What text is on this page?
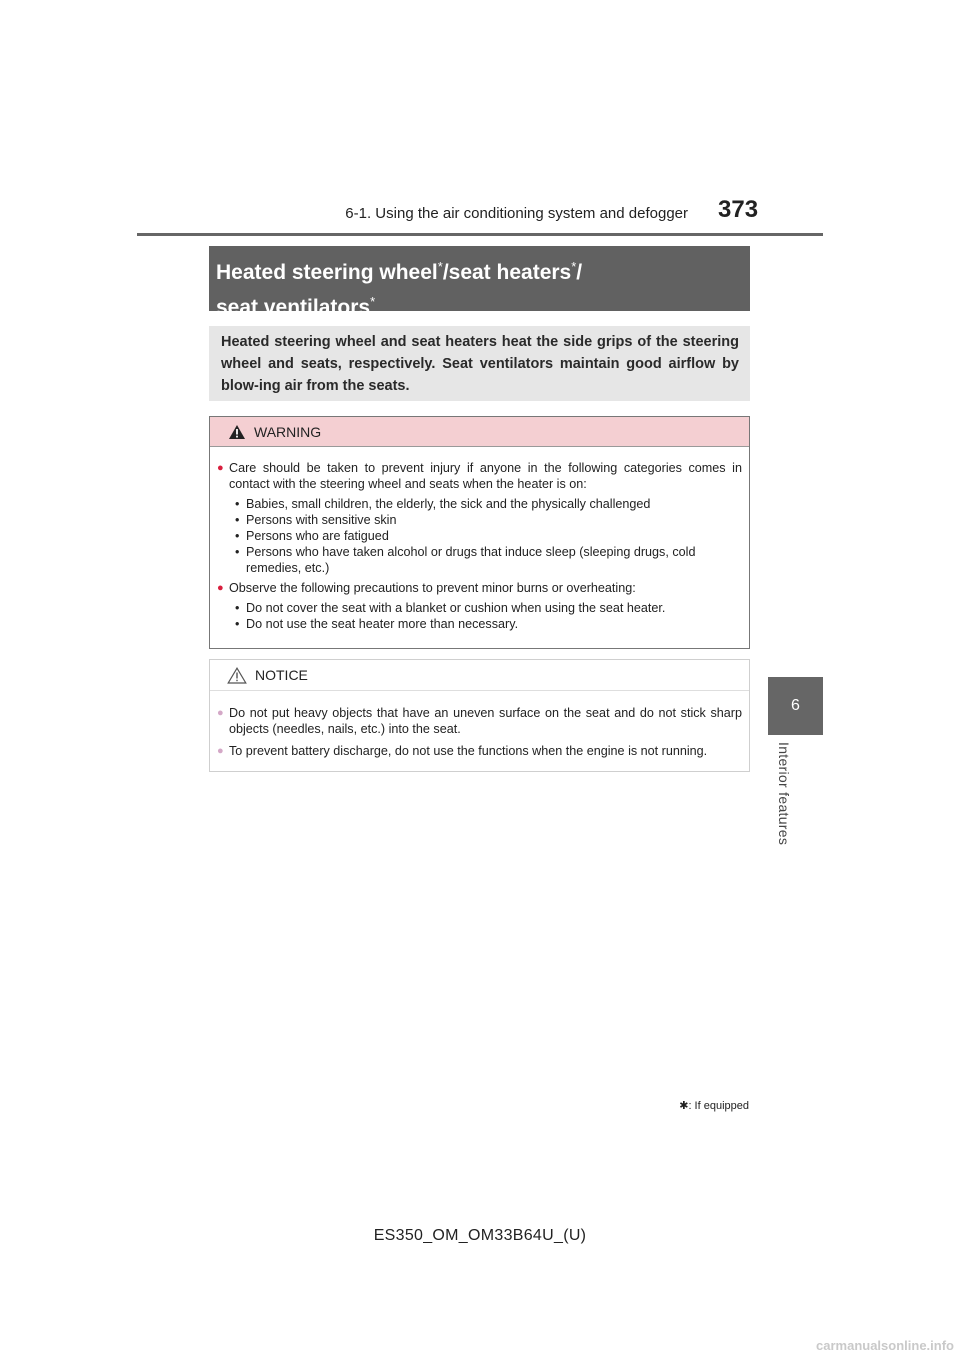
6-1. Using the air conditioning system and defogger 373
6
Interior features
Heated steering wheel*/seat heaters*/
seat ventilators*
Heated steering wheel and seat heaters heat the side grips of the steering wheel and seats, respectively. Seat ventilators maintain good airflow by blow-ing air from the seats.
WARNING
● Care should be taken to prevent injury if anyone in the following categories comes in contact with the steering wheel and seats when the heater is on:
• Babies, small children, the elderly, the sick and the physically challenged
• Persons with sensitive skin
• Persons who are fatigued
• Persons who have taken alcohol or drugs that induce sleep (sleeping drugs, cold remedies, etc.)
● Observe the following precautions to prevent minor burns or overheating:
• Do not cover the seat with a blanket or cushion when using the seat heater.
• Do not use the seat heater more than necessary.
NOTICE
● Do not put heavy objects that have an uneven surface on the seat and do not stick sharp objects (needles, nails, etc.) into the seat.
● To prevent battery discharge, do not use the functions when the engine is not running.
✱: If equipped
ES350_OM_OM33B64U_(U)
carmanualsonline.info
